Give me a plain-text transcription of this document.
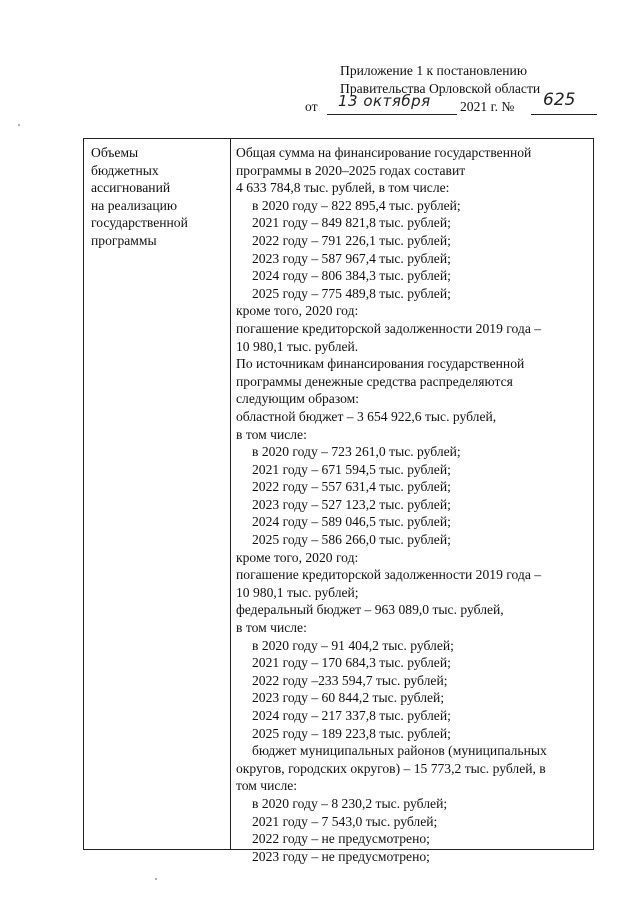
Приложение 1 к постановлению
Правительства Орловской области
от 13 октября 2021 г. № 625
Объемы
бюджетных
ассигнований
на реализацию
государственной
программы
Общая сумма на финансирование государственной
программы в 2020–2025 годах составит
4 633 784,8 тыс. рублей, в том числе:
в 2020 году – 822 895,4 тыс. рублей;
2021 году – 849 821,8 тыс. рублей;
2022 году – 791 226,1 тыс. рублей;
2023 году – 587 967,4 тыс. рублей;
2024 году – 806 384,3 тыс. рублей;
2025 году – 775 489,8 тыс. рублей;
кроме того, 2020 год:
погашение кредиторской задолженности 2019 года –
10 980,1 тыс. рублей.
По источникам финансирования государственной
программы денежные средства распределяются
следующим образом:
областной бюджет – 3 654 922,6 тыс. рублей,
в том числе:
в 2020 году – 723 261,0 тыс. рублей;
2021 году – 671 594,5 тыс. рублей;
2022 году – 557 631,4 тыс. рублей;
2023 году – 527 123,2 тыс. рублей;
2024 году – 589 046,5 тыс. рублей;
2025 году – 586 266,0 тыс. рублей;
кроме того, 2020 год:
погашение кредиторской задолженности 2019 года –
10 980,1 тыс. рублей;
федеральный бюджет – 963 089,0 тыс. рублей,
в том числе:
в 2020 году – 91 404,2 тыс. рублей;
2021 году – 170 684,3 тыс. рублей;
2022 году –233 594,7 тыс. рублей;
2023 году – 60 844,2 тыс. рублей;
2024 году – 217 337,8 тыс. рублей;
2025 году – 189 223,8 тыс. рублей;
бюджет муниципальных районов (муниципальных
округов, городских округов) – 15 773,2 тыс. рублей, в
том числе:
в 2020 году – 8 230,2 тыс. рублей;
2021 году – 7 543,0 тыс. рублей;
2022 году – не предусмотрено;
2023 году – не предусмотрено;
